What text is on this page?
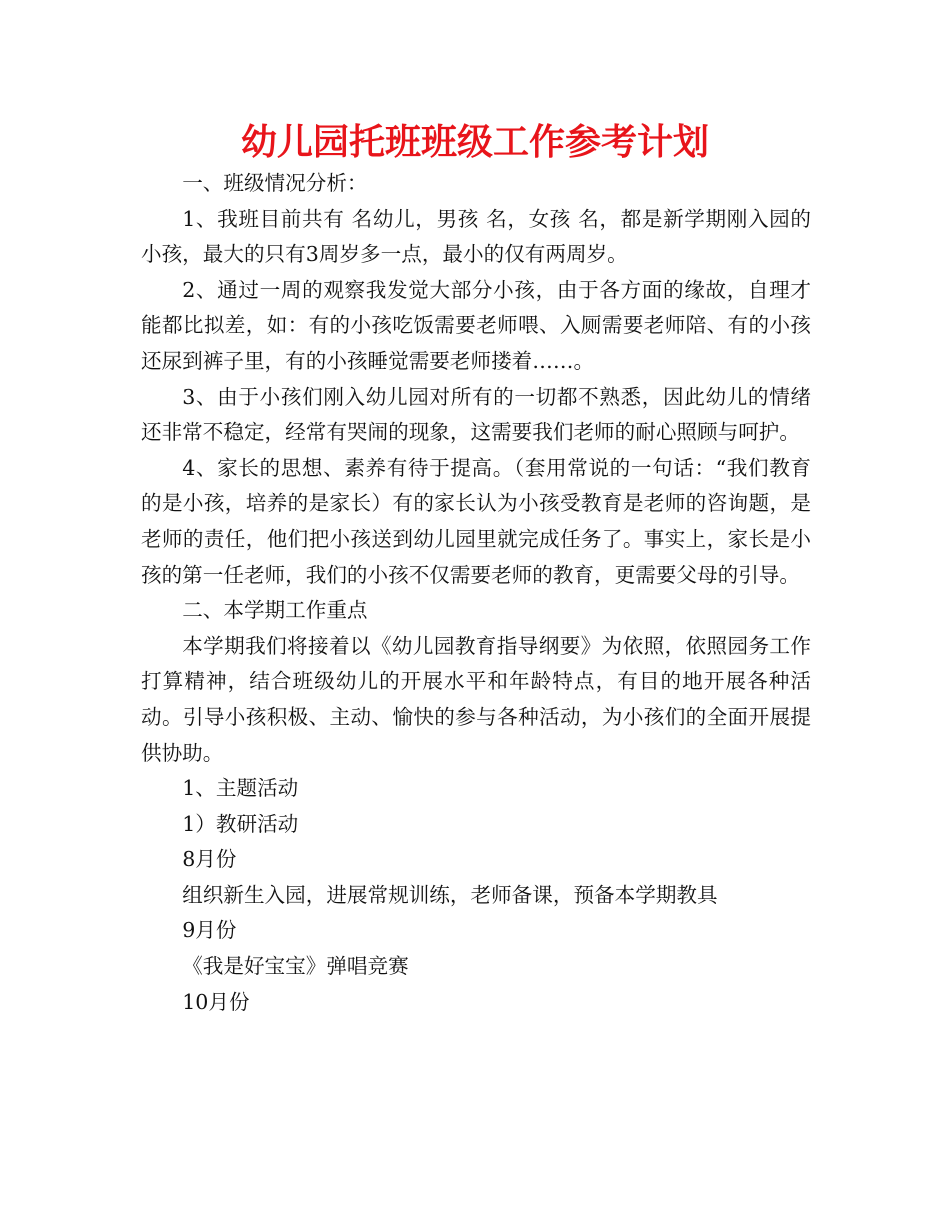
幼儿园托班班级工作参考计划

一、班级情况分析：

1、我班目前共有 名幼儿，男孩 名，女孩 名，都是新学期刚入园的小孩，最大的只有3周岁多一点，最小的仅有两周岁。

2、通过一周的观察我发觉大部分小孩，由于各方面的缘故，自理才能都比拟差，如：有的小孩吃饭需要老师喂、入厕需要老师陪、有的小孩还尿到裤子里，有的小孩睡觉需要老师搂着……。

3、由于小孩们刚入幼儿园对所有的一切都不熟悉，因此幼儿的情绪还非常不稳定，经常有哭闹的现象，这需要我们老师的耐心照顾与呵护。

4、家长的思想、素养有待于提高。（套用常说的一句话：“我们教育的是小孩，培养的是家长）有的家长认为小孩受教育是老师的咨询题，是老师的责任，他们把小孩送到幼儿园里就完成任务了。事实上，家长是小孩的第一任老师，我们的小孩不仅需要老师的教育，更需要父母的引导。

二、本学期工作重点

本学期我们将接着以《幼儿园教育指导纲要》为依照，依照园务工作打算精神，结合班级幼儿的开展水平和年龄特点，有目的地开展各种活动。引导小孩积极、主动、愉快的参与各种活动，为小孩们的全面开展提供协助。

1、主题活动

1）教研活动

8月份

组织新生入园，进展常规训练，老师备课，预备本学期教具

9月份

《我是好宝宝》弹唱竞赛

10月份
